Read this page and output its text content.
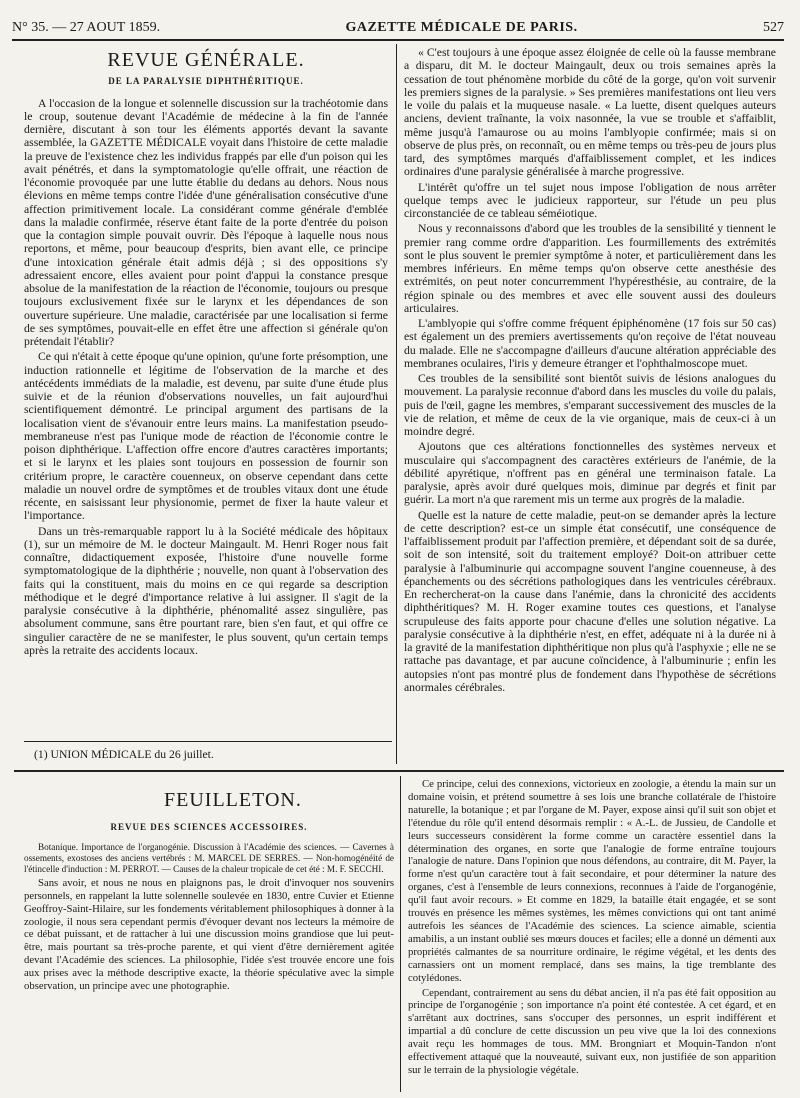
N° 35. — 27 AOUT 1859.	GAZETTE MÉDICALE DE PARIS.	527
REVUE GÉNÉRALE.
DE LA PARALYSIE DIPHTHÉRITIQUE.

A l'occasion de la longue et solennelle discussion sur la trachéotomie dans le croup, soutenue devant l'Académie de médecine à la fin de l'année dernière, discutant à son tour les éléments apportés devant la savante assemblée, la GAZETTE MÉDICALE voyait dans l'histoire de cette maladie la preuve de l'existence chez les individus frappés par elle d'un poison qui les avait pénétrés, et dans la symptomatologie qu'elle offrait, une réaction de l'économie provoquée par une lutte établie du dedans au dehors. Nous nous élevions en même temps contre l'idée d'une généralisation consécutive d'une affection primitivement locale. La considérant comme générale d'emblée dans la maladie confirmée, réserve étant faite de la porte d'entrée du poison que la contagion simple pouvait ouvrir. Dès l'époque à laquelle nous nous reportons, et même, pour beaucoup d'esprits, bien avant elle, ce principe d'une intoxication générale était admis déjà ; si des oppositions s'y adressaient encore, elles avaient pour point d'appui la constance presque absolue de la manifestation de la réaction de l'économie, toujours ou presque toujours exclusivement fixée sur le larynx et les dépendances de son ouverture supérieure. Une maladie, caractérisée par une localisation si ferme de ses symptômes, pouvait-elle en effet être une affection si générale qu'on prétendait l'établir?

Ce qui n'était à cette époque qu'une opinion, qu'une forte présomption, une induction rationnelle et légitime de l'observation de la marche et des antécédents immédiats de la maladie, est devenu, par suite d'une étude plus suivie et de la réunion d'observations nouvelles, un fait aujourd'hui scientifiquement démontré. Le principal argument des partisans de la localisation vient de s'évanouir entre leurs mains. La manifestation pseudo-membraneuse n'est pas l'unique mode de réaction de l'économie contre le poison diphthérique. L'affection offre encore d'autres caractères importants; et si le larynx et les plaies sont toujours en possession de fournir son critérium propre, le caractère couenneux, on observe cependant dans cette maladie un nouvel ordre de symptômes et de troubles vitaux dont une étude récente, en saisissant leur physionomie, permet de fixer la haute valeur et l'importance.

Dans un très-remarquable rapport lu à la Société médicale des hôpitaux (1), sur un mémoire de M. le docteur Maingault. M. Henri Roger nous fait connaître, didactiquement exposée, l'histoire d'une nouvelle forme symptomatologique de la diphthérie ; nouvelle, non quant à l'observation des faits qui la constituent, mais du moins en ce qui regarde sa description méthodique et le degré d'importance relative à lui assigner. Il s'agit de la paralysie consécutive à la diphthérie, phénomalité assez singulière, pas absolument commune, sans être pourtant rare, bien s'en faut, et qui offre ce singulier caractère de ne se manifester, le plus souvent, qu'un certain temps après la retraite des accidents locaux.

(1) UNION MÉDICALE du 26 juillet.

« C'est toujours à une époque assez éloignée de celle où la fausse membrane a disparu, dit M. le docteur Maingault, deux ou trois semaines après la cessation de tout phénomène morbide du côté de la gorge, qu'on voit survenir les premiers signes de la paralysie. » Ses premières manifestations ont lieu vers le voile du palais et la muqueuse nasale. « La luette, disent quelques auteurs anciens, devient traînante, la voix nasonnée, la vue se trouble et s'affaiblit, même jusqu'à l'amaurose ou au moins l'amblyopie confirmée; mais si on observe de plus près, on reconnaît, ou en même temps ou très-peu de jours plus tard, des symptômes marqués d'affaiblissement complet, et les indices ordinaires d'une paralysie généralisée à marche progressive.

L'intérêt qu'offre un tel sujet nous impose l'obligation de nous arrêter quelque temps avec le judicieux rapporteur, sur l'étude un peu plus circonstanciée de ce tableau séméiotique.

Nous y reconnaissons d'abord que les troubles de la sensibilité y tiennent le premier rang comme ordre d'apparition. Les fourmillements des extrémités sont le plus souvent le premier symptôme à noter, et particulièrement dans les membres inférieurs. En même temps qu'on observe cette anesthésie des extrémités, on peut noter concurremment l'hypéresthésie, au contraire, de la région spinale ou des membres et avec elle souvent aussi des douleurs articulaires.

L'amblyopie qui s'offre comme fréquent épiphénomène (17 fois sur 50 cas) est également un des premiers avertissements qu'on reçoive de l'état nouveau du malade. Elle ne s'accompagne d'ailleurs d'aucune altération appréciable des membranes oculaires, l'iris y demeure étranger et l'ophthalmoscope muet.

Ces troubles de la sensibilité sont bientôt suivis de lésions analogues du mouvement. La paralysie reconnue d'abord dans les muscles du voile du palais, puis de l'œil, gagne les membres, s'emparant successivement des muscles de la vie de relation, et même de ceux de la vie organique, mais de ceux-ci à un moindre degré.

Ajoutons que ces altérations fonctionnelles des systèmes nerveux et musculaire qui s'accompagnent des caractères extérieurs de l'anémie, de la débilité apyrétique, n'offrent pas en général une terminaison fatale. La paralysie, après avoir duré quelques mois, diminue par degrés et finit par guérir. La mort n'a que rarement mis un terme aux progrès de la maladie.

Quelle est la nature de cette maladie, peut-on se demander après la lecture de cette description? est-ce un simple état consécutif, une conséquence de l'affaiblissement produit par l'affection première, et dépendant soit de sa durée, soit de son intensité, soit du traitement employé? Doit-on attribuer cette paralysie à l'albuminurie qui accompagne souvent l'angine couenneuse, à des épanchements ou des sécrétions pathologiques dans les ventricules cérébraux. En rechercherat-on la cause dans l'anémie, dans la chronicité des accidents diphthéritiques? M. H. Roger examine toutes ces questions, et l'analyse scrupuleuse des faits apporte pour chacune d'elles une solution négative. La paralysie consécutive à la diphthérie n'est, en effet, adéquate ni à la durée ni à la gravité de la manifestation diphthéritique non plus qu'à l'asphyxie ; elle ne se rattache pas davantage, et par aucune coïncidence, à l'albuminurie ; enfin les autopsies n'ont pas montré plus de fondement dans l'hypothèse de sécrétions anormales cérébrales.

FEUILLETON.
REVUE DES SCIENCES ACCESSOIRES.

Botanique. Importance de l'organogénie. Discussion à l'Académie des sciences. — Cavernes à ossements, exostoses des anciens vertébrés : M. MARCEL DE SERRES. — Non-homogénéité de l'étincelle d'induction : M. PERROT. — Causes de la chaleur tropicale de cet été : M. F. SECCHI.

Sans avoir, et nous ne nous en plaignons pas, le droit d'invoquer nos souvenirs personnels, en rappelant la lutte solennelle soulevée en 1830, entre Cuvier et Etienne Geoffroy-Saint-Hilaire, sur les fondements véritablement philosophiques à donner à la zoologie, il nous sera cependant permis d'évoquer devant nos lecteurs la mémoire de ce débat puissant, et de rattacher à lui une discussion moins grandiose que lui peut-être, mais pourtant sa très-proche parente, et qui vient d'être dernièrement agitée devant l'Académie des sciences. La philosophie, l'idée s'est trouvée encore une fois aux prises avec la méthode descriptive exacte, la théorie spéculative avec la simple observation, un principe avec une photographie.

Ce principe, celui des connexions, victorieux en zoologie, a étendu la main sur un domaine voisin, et prétend soumettre à ses lois une branche collatérale de l'histoire naturelle, la botanique ; et par l'organe de M. Payer, expose ainsi qu'il suit son objet et l'étendue du rôle qu'il entend désormais remplir : « A.-L. de Jussieu, de Candolle et leurs successeurs considèrent la forme comme un caractère essentiel dans la détermination des organes, en sorte que l'analogie de forme entraîne toujours l'analogie de nature. Dans l'opinion que nous défendons, au contraire, dit M. Payer, la forme n'est qu'un caractère tout à fait secondaire, et pour déterminer la nature des organes, c'est à l'ensemble de leurs connexions, reconnues à l'aide de l'organogénie, qu'il faut avoir recours. » Et comme en 1829, la bataille était engagée, et se sont trouvés en présence les mêmes systèmes, les mêmes convictions qui ont tant animé autrefois les séances de l'Académie des sciences. La science aimable, scientia amabilis, a un instant oublié ses mœurs douces et faciles; elle a donné un démenti aux propriétés calmantes de sa nourriture ordinaire, le régime végétal, et les dents des carnassiers ont un moment remplacé, dans ses mains, la tige tremblante des cotylédones.

Cependant, contrairement au sens du débat ancien, il n'a pas été fait opposition au principe de l'organogénie ; son importance n'a point été contestée. A cet égard, et en s'arrêtant aux doctrines, sans s'occuper des personnes, un esprit indifférent et impartial a dû conclure de cette discussion un peu vive que la loi des connexions avait reçu les hommages de tous. MM. Brongniart et Moquin-Tandon n'ont effectivement attaqué que la nouveauté, suivant eux, non justifiée de son apparition sur le terrain de la physiologie végétale.
